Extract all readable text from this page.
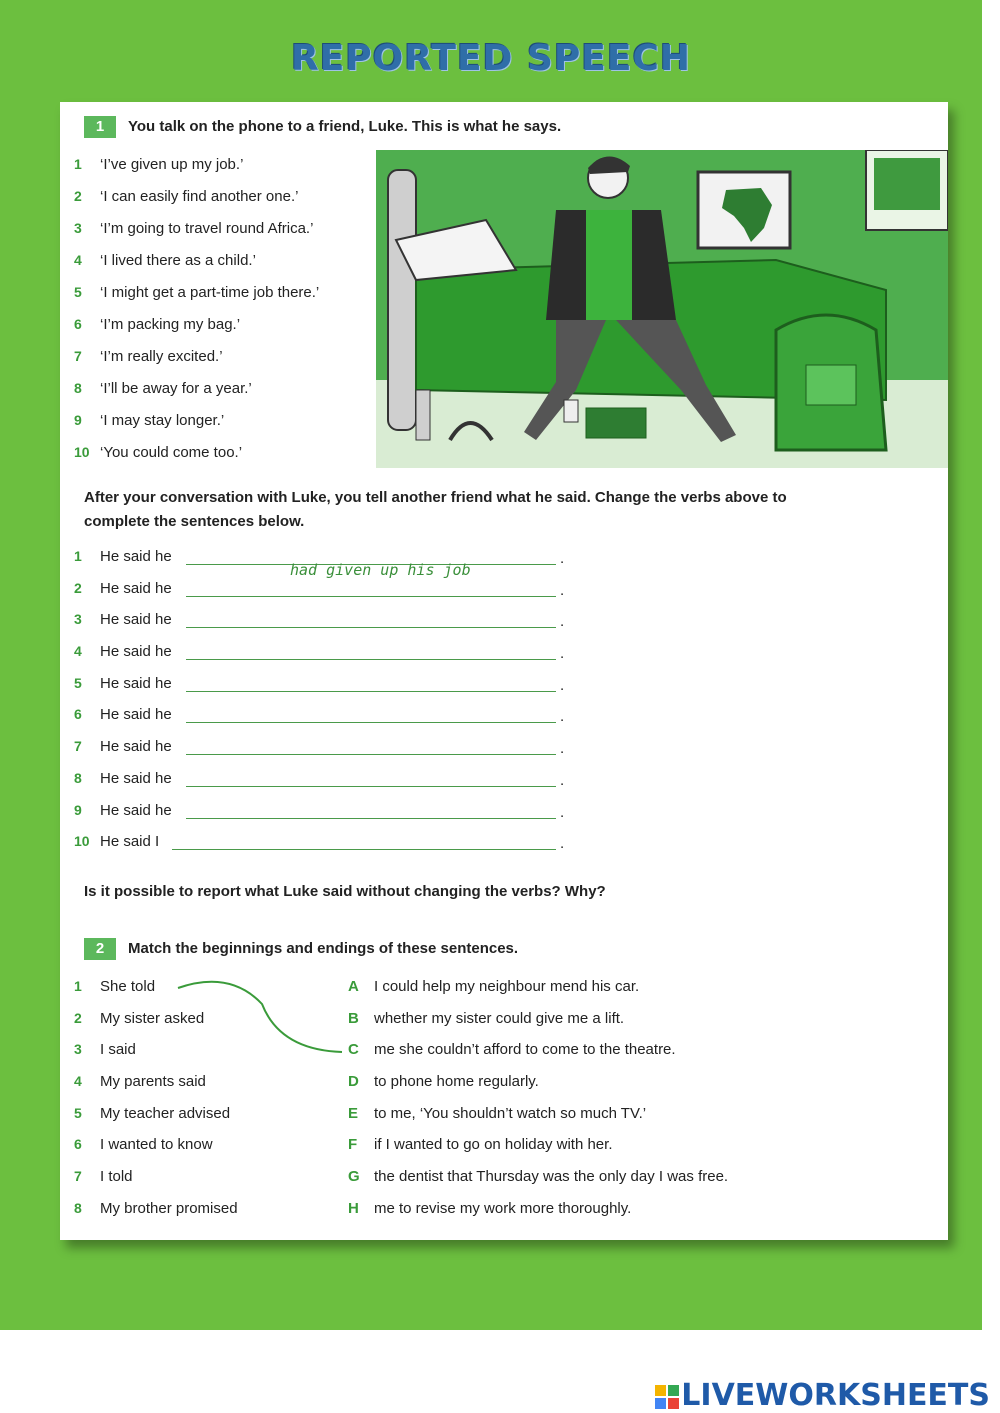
REPORTED SPEECH
1 You talk on the phone to a friend, Luke. This is what he says.
1 ‘I’ve given up my job.’
2 ‘I can easily find another one.’
3 ‘I’m going to travel round Africa.’
4 ‘I lived there as a child.’
5 ‘I might get a part-time job there.’
6 ‘I’m packing my bag.’
7 ‘I’m really excited.’
8 ‘I’ll be away for a year.’
9 ‘I may stay longer.’
10 ‘You could come too.’
After your conversation with Luke, you tell another friend what he said. Change the verbs above to complete the sentences below.
1 He said he
had given up his job
.
2 He said he	.
3 He said he	.
4 He said he	.
5 He said he	.
6 He said he	.
7 He said he	.
8 He said he	.
9 He said he	.
10 He said I	.
Is it possible to report what Luke said without changing the verbs? Why?
2 Match the beginnings and endings of these sentences.
1 She told
2 My sister asked
3 I said
4 My parents said
5 My teacher advised
6 I wanted to know
7 I told
8 My brother promised
A I could help my neighbour mend his car.
B whether my sister could give me a lift.
C me she couldn’t afford to come to the theatre.
D to phone home regularly.
E to me, ‘You shouldn’t watch so much TV.’
F if I wanted to go on holiday with her.
G the dentist that Thursday was the only day I was free.
H me to revise my work more thoroughly.
LIVEWORKSHEETS
